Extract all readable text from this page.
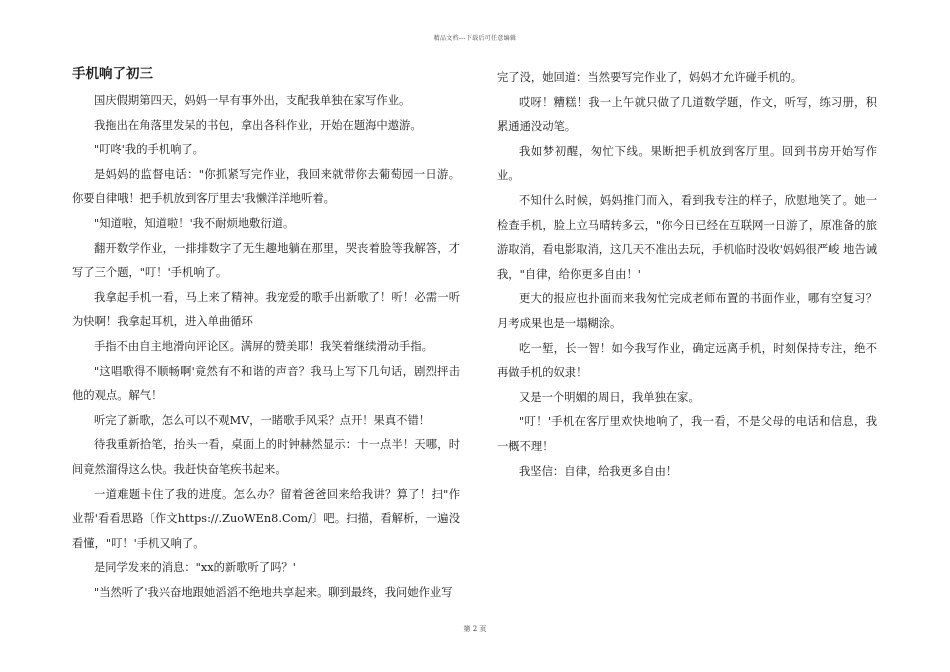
精品文档---下载后可任意编辑
手机响了初三

国庆假期第四天，妈妈一早有事外出，支配我单独在家写作业。

我拖出在角落里发呆的书包，拿出各科作业，开始在题海中遨游。

"叮咚'我的手机响了。

是妈妈的监督电话："你抓紧写完作业，我回来就带你去葡萄园一日游。你要自律哦！把手机放到客厅里去'我懒洋洋地听着。

"知道啦，知道啦！'我不耐烦地敷衍道。

翻开数学作业，一排排数字了无生趣地躺在那里，哭丧着脸等我解答，才写了三个题，"叮！'手机响了。

我拿起手机一看，马上来了精神。我宠爱的歌手出新歌了！听！必需一听为快啊！我拿起耳机，进入单曲循环

手指不由自主地滑向评论区。满屏的赞美耶！我笑着继续滑动手指。

"这唱歌得不顺畅啊'竟然有不和谐的声音？我马上写下几句话，剧烈抨击他的观点。解气！

听完了新歌，怎么可以不观MV，一睹歌手风采？点开！果真不错！

待我重新拾笔，抬头一看，桌面上的时钟赫然显示：十一点半！天哪，时间竟然溜得这么快。我赶快奋笔疾书起来。

一道难题卡住了我的进度。怎么办？留着爸爸回来给我讲？算了！扫"作业帮'看看思路〔作文https://.ZuoWEn8.Com/〕吧。扫描，看解析，一遍没看懂，"叮！'手机又响了。

是同学发来的消息："xx的新歌听了吗？'

"当然听了'我兴奋地跟她滔滔不绝地共享起来。聊到最终，我问她作业写

完了没，她回道：当然要写完作业了，妈妈才允许碰手机的。

哎呀！糟糕！我一上午就只做了几道数学题，作文，听写，练习册，积累通通没动笔。

我如梦初醒，匆忙下线。果断把手机放到客厅里。回到书房开始写作业。

不知什么时候，妈妈推门而入，看到我专注的样子，欣慰地笑了。她一检查手机，脸上立马晴转多云，"你今日已经在互联网一日游了，原准备的旅游取消，看电影取消，这几天不准出去玩，手机临时没收'妈妈很严峻 地告诫我，"自律，给你更多自由！'

更大的报应也扑面而来我匆忙完成老师布置的书面作业，哪有空复习？月考成果也是一塌糊涂。

吃一堑，长一智！如今我写作业，确定远离手机，时刻保持专注，绝不再做手机的奴隶！

又是一个明媚的周日，我单独在家。

"叮！'手机在客厅里欢快地响了，我一看，不是父母的电话和信息，我一概不理！

我坚信：自律，给我更多自由！

第 2 页
